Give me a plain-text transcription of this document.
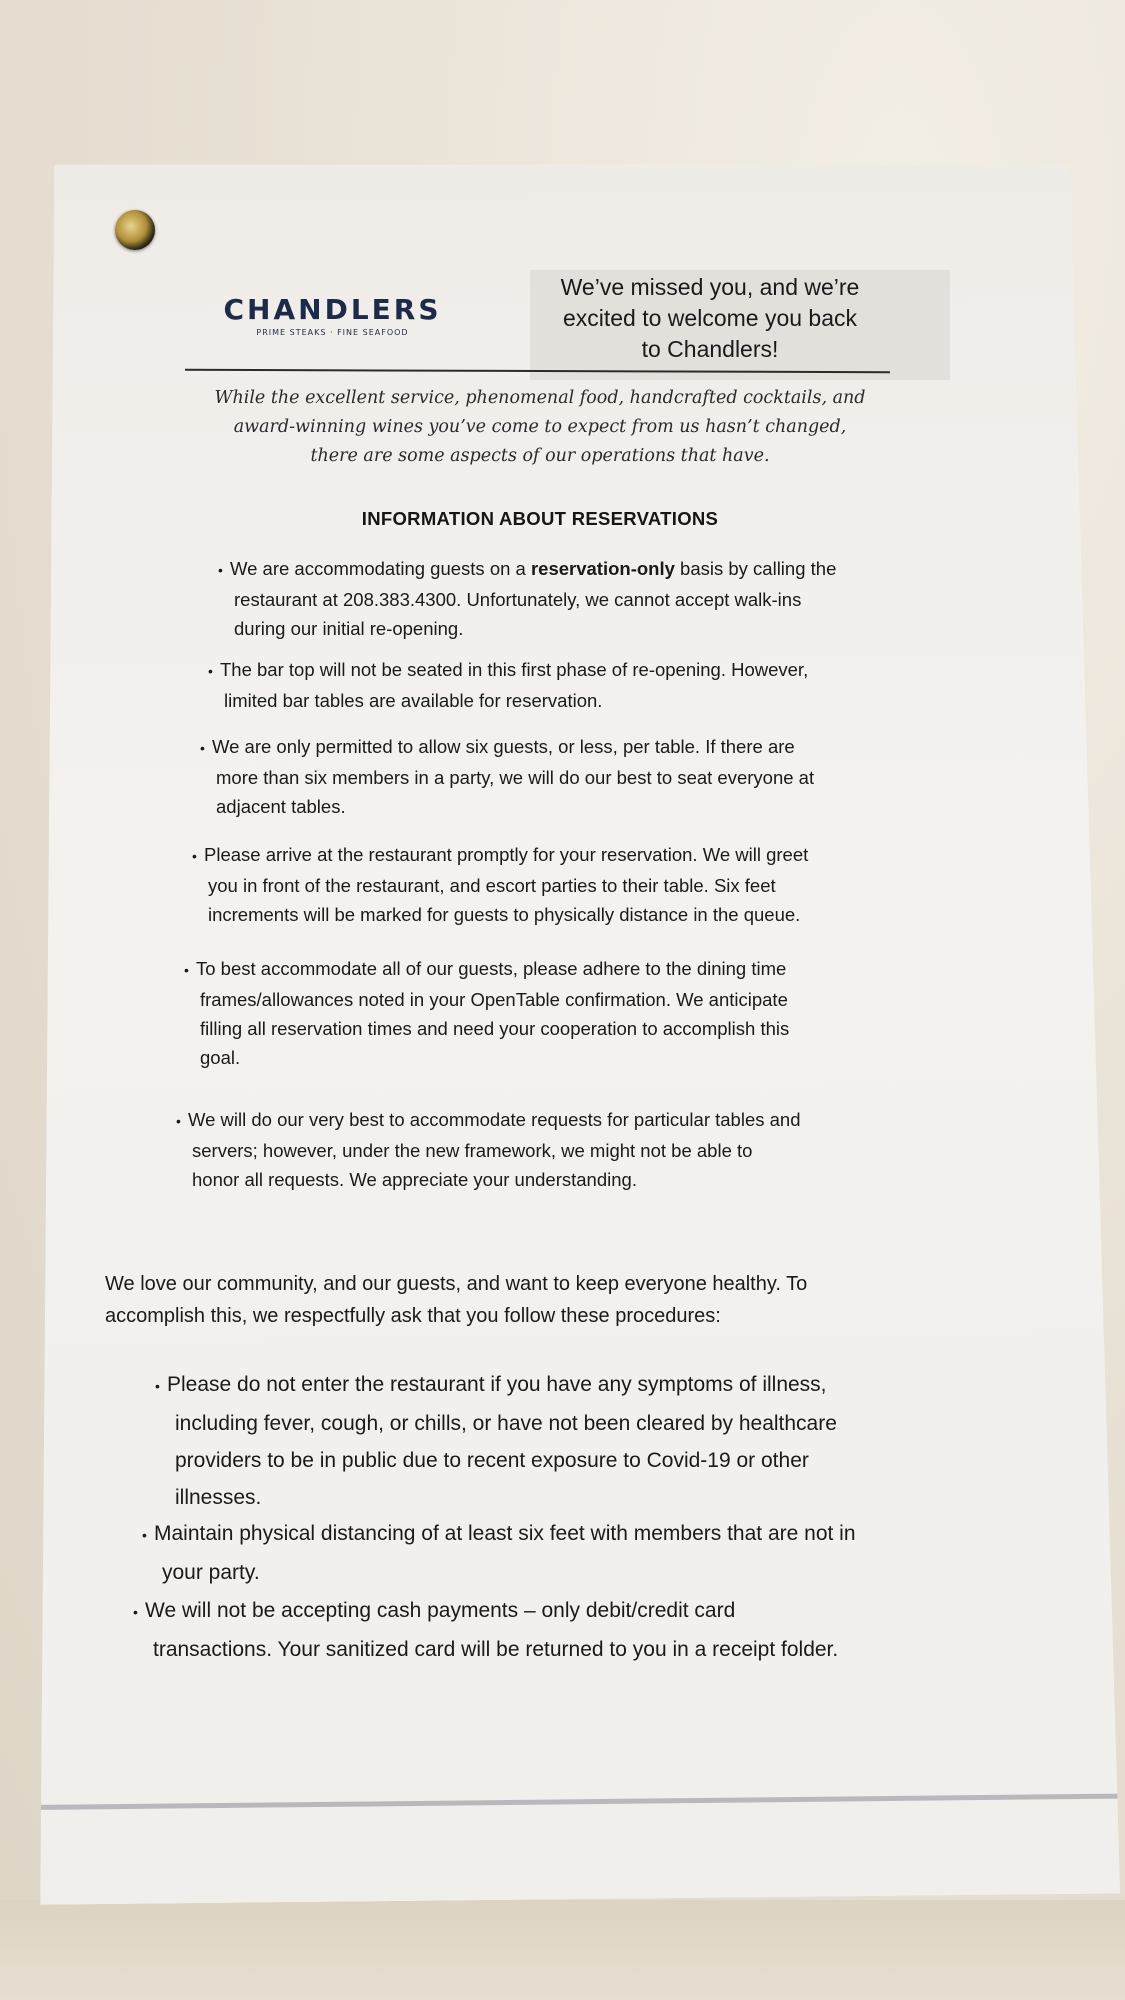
CHANDLERS
PRIME STEAKS · FINE SEAFOOD
We’ve missed you, and we’re
excited to welcome you back
to Chandlers!
While the excellent service, phenomenal food, handcrafted cocktails, and
award-winning wines you’ve come to expect from us hasn’t changed,
there are some aspects of our operations that have.
INFORMATION ABOUT RESERVATIONS
• We are accommodating guests on a reservation-only basis by calling the
restaurant at 208.383.4300. Unfortunately, we cannot accept walk-ins
during our initial re-opening.
• The bar top will not be seated in this first phase of re-opening. However,
limited bar tables are available for reservation.
• We are only permitted to allow six guests, or less, per table. If there are
more than six members in a party, we will do our best to seat everyone at
adjacent tables.
• Please arrive at the restaurant promptly for your reservation. We will greet
you in front of the restaurant, and escort parties to their table. Six feet
increments will be marked for guests to physically distance in the queue.
• To best accommodate all of our guests, please adhere to the dining time
frames/allowances noted in your OpenTable confirmation. We anticipate
filling all reservation times and need your cooperation to accomplish this
goal.
• We will do our very best to accommodate requests for particular tables and
servers; however, under the new framework, we might not be able to
honor all requests. We appreciate your understanding.
We love our community, and our guests, and want to keep everyone healthy. To
accomplish this, we respectfully ask that you follow these procedures:
• Please do not enter the restaurant if you have any symptoms of illness,
including fever, cough, or chills, or have not been cleared by healthcare
providers to be in public due to recent exposure to Covid-19 or other
illnesses.
• Maintain physical distancing of at least six feet with members that are not in
your party.
• We will not be accepting cash payments – only debit/credit card
transactions. Your sanitized card will be returned to you in a receipt folder.
